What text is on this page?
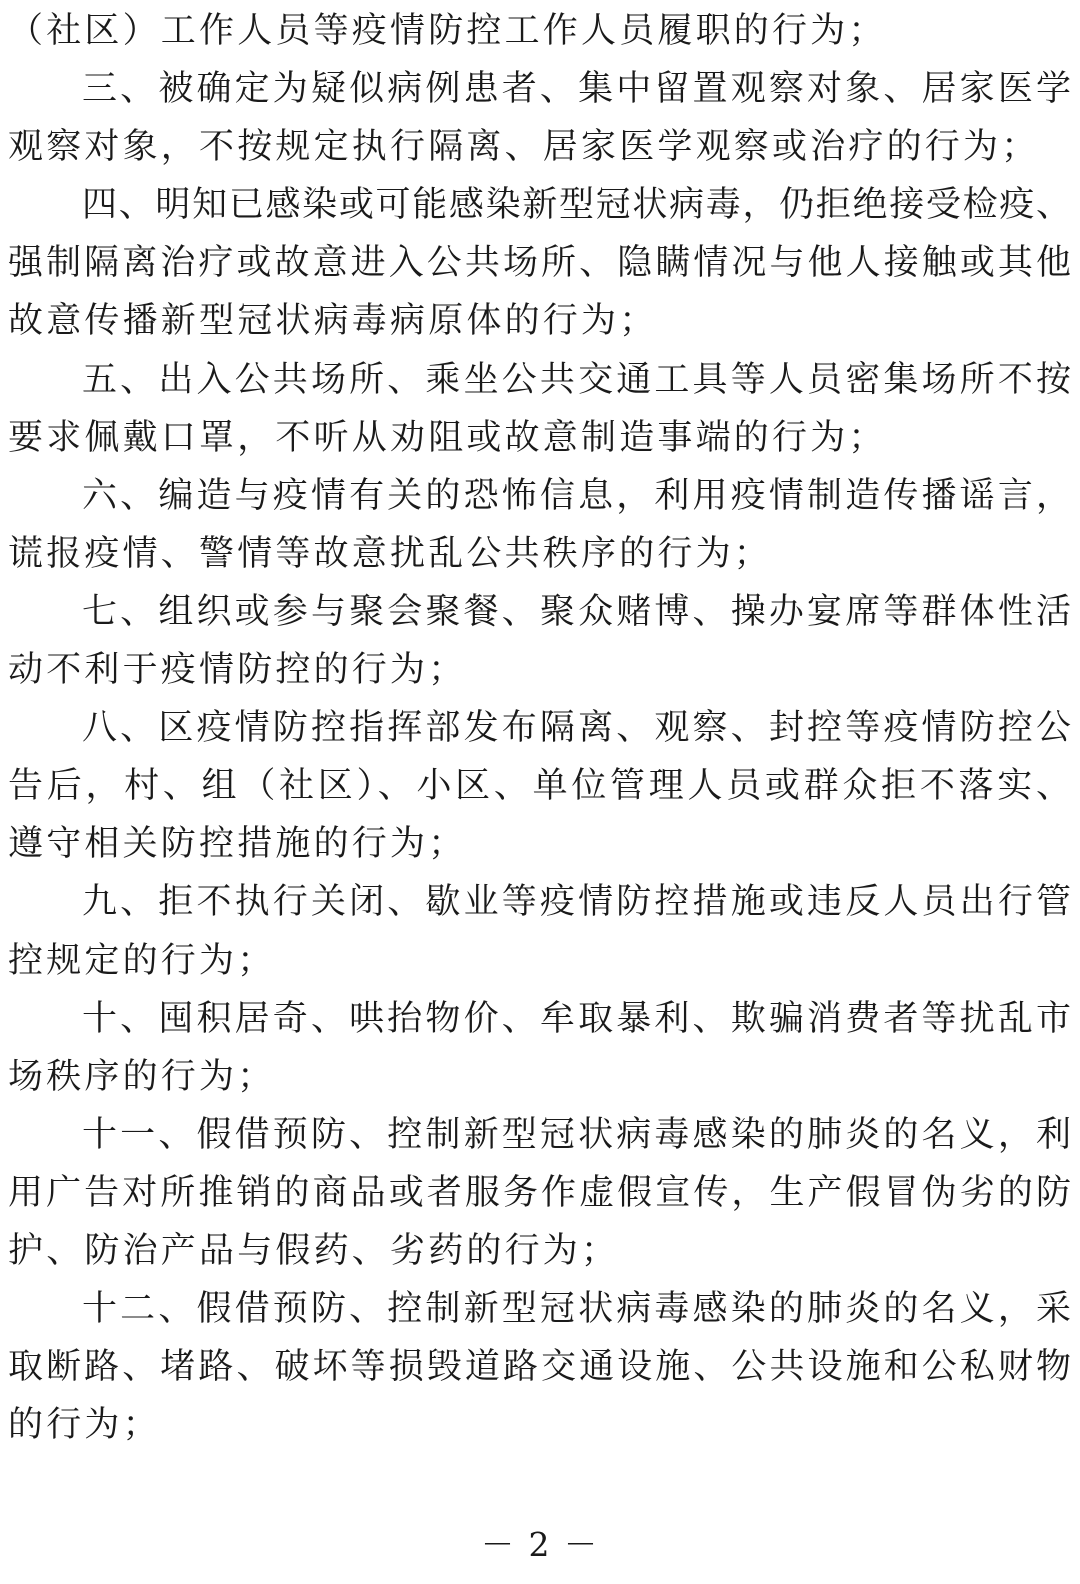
（社区）工作人员等疫情防控工作人员履职的行为；
三、被确定为疑似病例患者、集中留置观察对象、居家医学
观察对象，不按规定执行隔离、居家医学观察或治疗的行为；
四、明知已感染或可能感染新型冠状病毒，仍拒绝接受检疫、
强制隔离治疗或故意进入公共场所、隐瞒情况与他人接触或其他
故意传播新型冠状病毒病原体的行为；
五、出入公共场所、乘坐公共交通工具等人员密集场所不按
要求佩戴口罩，不听从劝阻或故意制造事端的行为；
六、编造与疫情有关的恐怖信息，利用疫情制造传播谣言，
谎报疫情、警情等故意扰乱公共秩序的行为；
七、组织或参与聚会聚餐、聚众赌博、操办宴席等群体性活
动不利于疫情防控的行为；
八、区疫情防控指挥部发布隔离、观察、封控等疫情防控公
告后，村、组（社区）、小区、单位管理人员或群众拒不落实、
遵守相关防控措施的行为；
九、拒不执行关闭、歇业等疫情防控措施或违反人员出行管
控规定的行为；
十、囤积居奇、哄抬物价、牟取暴利、欺骗消费者等扰乱市
场秩序的行为；
十一、假借预防、控制新型冠状病毒感染的肺炎的名义，利
用广告对所推销的商品或者服务作虚假宣传，生产假冒伪劣的防
护、防治产品与假药、劣药的行为；
十二、假借预防、控制新型冠状病毒感染的肺炎的名义，采
取断路、堵路、破坏等损毁道路交通设施、公共设施和公私财物
的行为；
－ 2 －
